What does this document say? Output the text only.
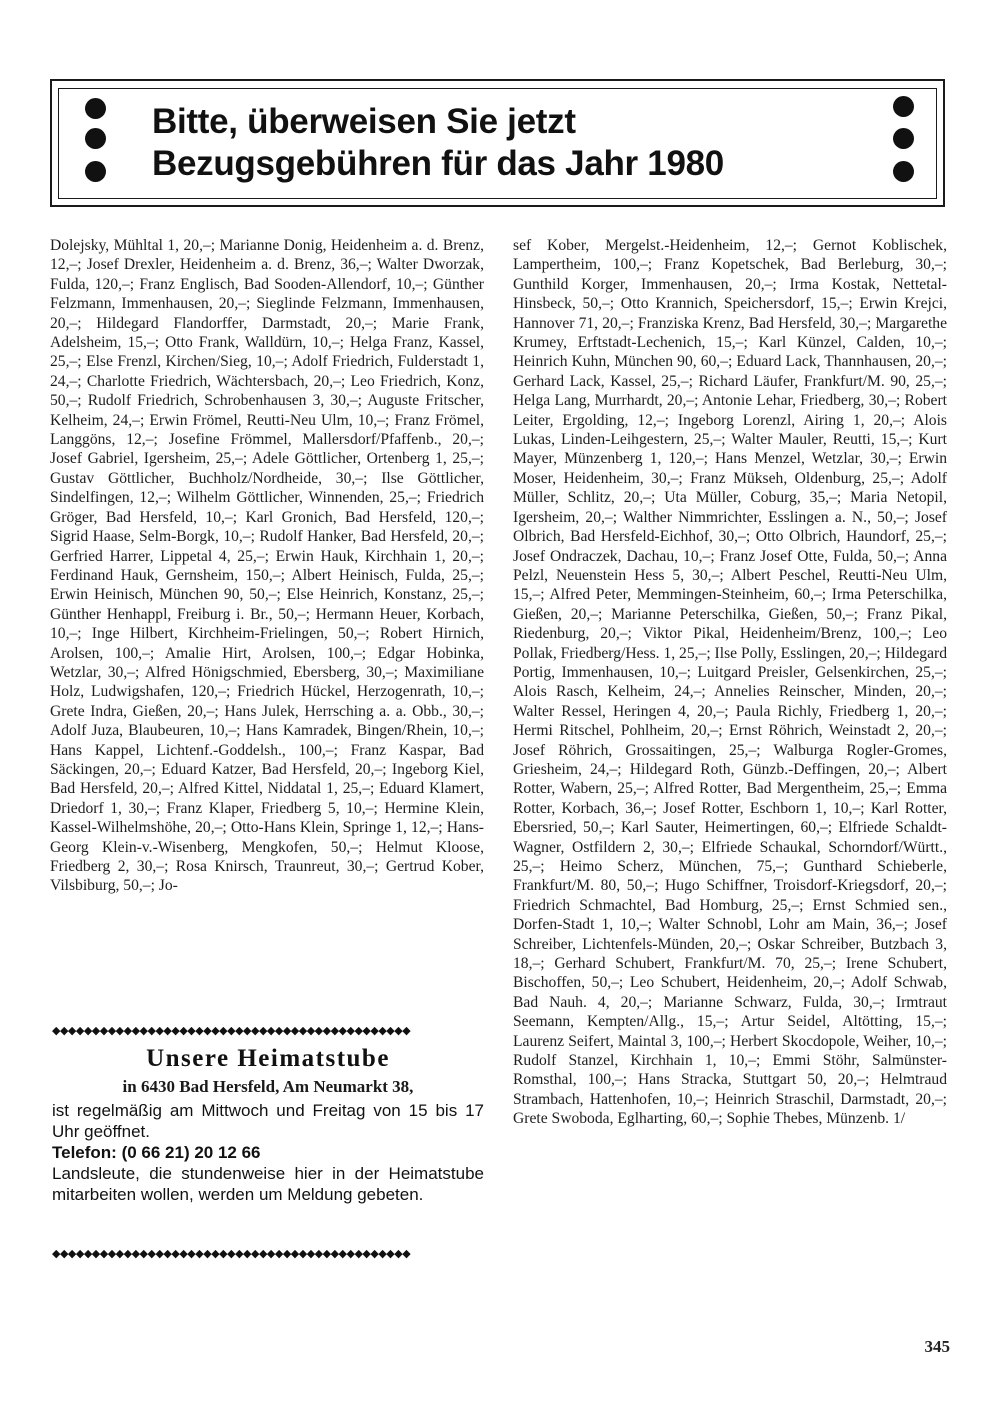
Bitte, überweisen Sie jetzt
Bezugsgebühren für das Jahr 1980

Dolejsky, Mühltal 1, 20,–; Marianne Donig, Heidenheim a. d. Brenz, 12,–; Josef Drexler, Heidenheim a. d. Brenz, 36,–; Walter Dworzak, Fulda, 120,–; Franz Englisch, Bad Sooden-Allendorf, 10,–; Günther Felzmann, Immenhausen, 20,–; Sieglinde Felzmann, Immenhausen, 20,–; Hildegard Flandorffer, Darmstadt, 20,–; Marie Frank, Adelsheim, 15,–; Otto Frank, Walldürn, 10,–; Helga Franz, Kassel, 25,–; Else Frenzl, Kirchen/Sieg, 10,–; Adolf Friedrich, Fulderstadt 1, 24,–; Charlotte Friedrich, Wächtersbach, 20,–; Leo Friedrich, Konz, 50,–; Rudolf Friedrich, Schrobenhausen 3, 30,–; Auguste Fritscher, Kelheim, 24,–; Erwin Frömel, Reutti-Neu Ulm, 10,–; Franz Frömel, Langgöns, 12,–; Josefine Frömmel, Mallersdorf/Pfaffenb., 20,–; Josef Gabriel, Igersheim, 25,–; Adele Göttlicher, Ortenberg 1, 25,–; Gustav Göttlicher, Buchholz/Nordheide, 30,–; Ilse Göttlicher, Sindelfingen, 12,–; Wilhelm Göttlicher, Winnenden, 25,–; Friedrich Gröger, Bad Hersfeld, 10,–; Karl Gronich, Bad Hersfeld, 120,–; Sigrid Haase, Selm-Borgk, 10,–; Rudolf Hanker, Bad Hersfeld, 20,–; Gerfried Harrer, Lippetal 4, 25,–; Erwin Hauk, Kirchhain 1, 20,–; Ferdinand Hauk, Gernsheim, 150,–; Albert Heinisch, Fulda, 25,–; Erwin Heinisch, München 90, 50,–; Else Heinrich, Konstanz, 25,–; Günther Henhappl, Freiburg i. Br., 50,–; Hermann Heuer, Korbach, 10,–; Inge Hilbert, Kirchheim-Frielingen, 50,–; Robert Hirnich, Arolsen, 100,–; Amalie Hirt, Arolsen, 100,–; Edgar Hobinka, Wetzlar, 30,–; Alfred Hönigschmied, Ebersberg, 30,–; Maximiliane Holz, Ludwigshafen, 120,–; Friedrich Hückel, Herzogenrath, 10,–; Grete Indra, Gießen, 20,–; Hans Julek, Herrsching a. a. Obb., 30,–; Adolf Juza, Blaubeuren, 10,–; Hans Kamradek, Bingen/Rhein, 10,–; Hans Kappel, Lichtenf.-Goddelsh., 100,–; Franz Kaspar, Bad Säckingen, 20,–; Eduard Katzer, Bad Hersfeld, 20,–; Ingeborg Kiel, Bad Hersfeld, 20,–; Alfred Kittel, Niddatal 1, 25,–; Eduard Klamert, Driedorf 1, 30,–; Franz Klaper, Friedberg 5, 10,–; Hermine Klein, Kassel-Wilhelmshöhe, 20,–; Otto-Hans Klein, Springe 1, 12,–; Hans-Georg Klein-v.-Wisenberg, Mengkofen, 50,–; Helmut Kloose, Friedberg 2, 30,–; Rosa Knirsch, Traunreut, 30,–; Gertrud Kober, Vilsbiburg, 50,–; Jo-

◆◆◆◆◆◆◆◆◆◆◆◆◆◆◆◆◆◆◆◆◆◆◆◆◆◆◆◆◆◆◆◆◆◆◆◆◆◆◆◆◆◆◆◆◆
Unsere Heimatstube
in 6430 Bad Hersfeld, Am Neumarkt 38,

ist regelmäßig am Mittwoch und Freitag von 15 bis 17 Uhr geöffnet.

Telefon: (0 66 21) 20 12 66

Landsleute, die stundenweise hier in der Heimatstube mitarbeiten wollen, werden um Meldung gebeten.

◆◆◆◆◆◆◆◆◆◆◆◆◆◆◆◆◆◆◆◆◆◆◆◆◆◆◆◆◆◆◆◆◆◆◆◆◆◆◆◆◆◆◆◆◆

sef Kober, Mergelst.-Heidenheim, 12,–; Gernot Koblischek, Lampertheim, 100,–; Franz Kopetschek, Bad Berleburg, 30,–; Gunthild Korger, Immenhausen, 20,–; Irma Kostak, Nettetal-Hinsbeck, 50,–; Otto Krannich, Speichersdorf, 15,–; Erwin Krejci, Hannover 71, 20,–; Franziska Krenz, Bad Hersfeld, 30,–; Margarethe Krumey, Erftstadt-Lechenich, 15,–; Karl Künzel, Calden, 10,–; Heinrich Kuhn, München 90, 60,–; Eduard Lack, Thannhausen, 20,–; Gerhard Lack, Kassel, 25,–; Richard Läufer, Frankfurt/M. 90, 25,–; Helga Lang, Murrhardt, 20,–; Antonie Lehar, Friedberg, 30,–; Robert Leiter, Ergolding, 12,–; Ingeborg Lorenzl, Airing 1, 20,–; Alois Lukas, Linden-Leihgestern, 25,–; Walter Mauler, Reutti, 15,–; Kurt Mayer, Münzenberg 1, 120,–; Hans Menzel, Wetzlar, 30,–; Erwin Moser, Heidenheim, 30,–; Franz Mükseh, Oldenburg, 25,–; Adolf Müller, Schlitz, 20,–; Uta Müller, Coburg, 35,–; Maria Netopil, Igersheim, 20,–; Walther Nimmrichter, Esslingen a. N., 50,–; Josef Olbrich, Bad Hersfeld-Eichhof, 30,–; Otto Olbrich, Haundorf, 25,–; Josef Ondraczek, Dachau, 10,–; Franz Josef Otte, Fulda, 50,–; Anna Pelzl, Neuenstein Hess 5, 30,–; Albert Peschel, Reutti-Neu Ulm, 15,–; Alfred Peter, Memmingen-Steinheim, 60,–; Irma Peterschilka, Gießen, 20,–; Marianne Peterschilka, Gießen, 50,–; Franz Pikal, Riedenburg, 20,–; Viktor Pikal, Heidenheim/Brenz, 100,–; Leo Pollak, Friedberg/Hess. 1, 25,–; Ilse Polly, Esslingen, 20,–; Hildegard Portig, Immenhausen, 10,–; Luitgard Preisler, Gelsenkirchen, 25,–; Alois Rasch, Kelheim, 24,–; Annelies Reinscher, Minden, 20,–; Walter Ressel, Heringen 4, 20,–; Paula Richly, Friedberg 1, 20,–; Hermi Ritschel, Pohlheim, 20,–; Ernst Röhrich, Weinstadt 2, 20,–; Josef Röhrich, Grossaitingen, 25,–; Walburga Rogler-Gromes, Griesheim, 24,–; Hildegard Roth, Günzb.-Deffingen, 20,–; Albert Rotter, Wabern, 25,–; Alfred Rotter, Bad Mergentheim, 25,–; Emma Rotter, Korbach, 36,–; Josef Rotter, Eschborn 1, 10,–; Karl Rotter, Ebersried, 50,–; Karl Sauter, Heimertingen, 60,–; Elfriede Schaldt-Wagner, Ostfildern 2, 30,–; Elfriede Schaukal, Schorndorf/Württ., 25,–; Heimo Scherz, München, 75,–; Gunthard Schieberle, Frankfurt/M. 80, 50,–; Hugo Schiffner, Troisdorf-Kriegsdorf, 20,–; Friedrich Schmachtel, Bad Homburg, 25,–; Ernst Schmied sen., Dorfen-Stadt 1, 10,–; Walter Schnobl, Lohr am Main, 36,–; Josef Schreiber, Lichtenfels-Münden, 20,–; Oskar Schreiber, Butzbach 3, 18,–; Gerhard Schubert, Frankfurt/M. 70, 25,–; Irene Schubert, Bischoffen, 50,–; Leo Schubert, Heidenheim, 20,–; Adolf Schwab, Bad Nauh. 4, 20,–; Marianne Schwarz, Fulda, 30,–; Irmtraut Seemann, Kempten/Allg., 15,–; Artur Seidel, Altötting, 15,–; Laurenz Seifert, Maintal 3, 100,–; Herbert Skocdopole, Weiher, 10,–; Rudolf Stanzel, Kirchhain 1, 10,–; Emmi Stöhr, Salmünster-Romsthal, 100,–; Hans Stracka, Stuttgart 50, 20,–; Helmtraud Strambach, Hattenhofen, 10,–; Heinrich Straschil, Darmstadt, 20,–; Grete Swoboda, Eglharting, 60,–; Sophie Thebes, Münzenb. 1/

345
